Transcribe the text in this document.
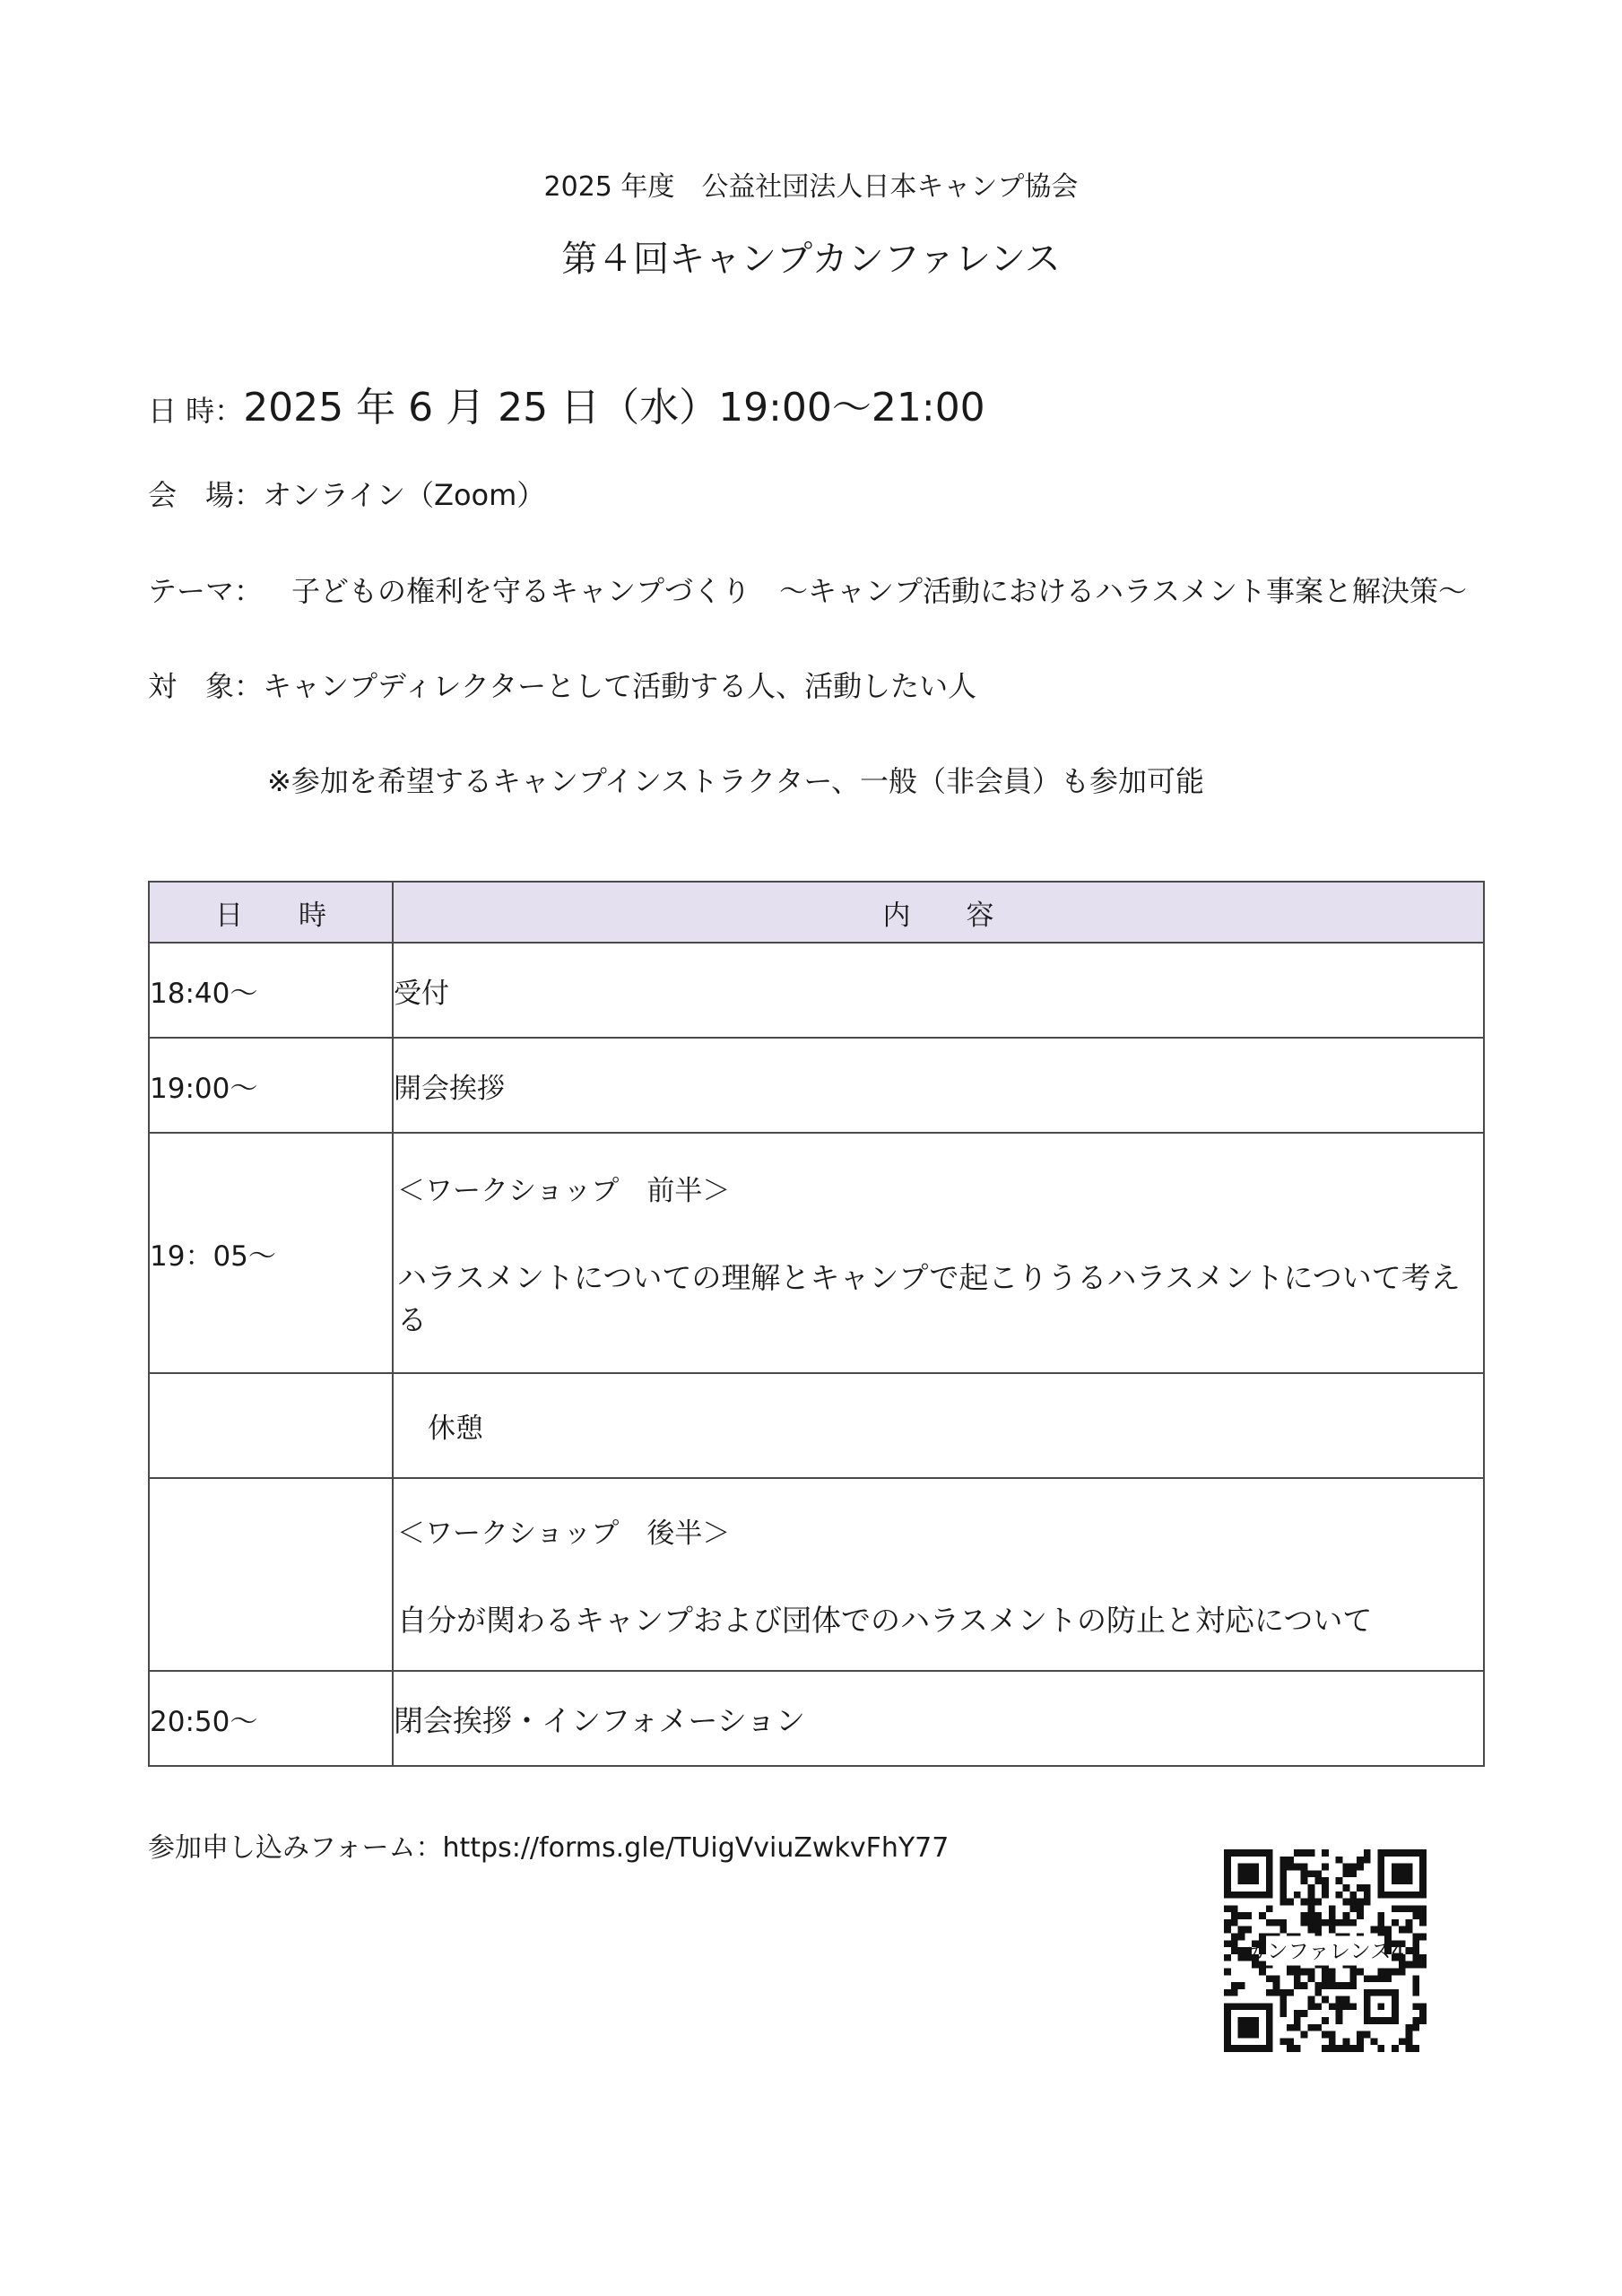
2025 年度　公益社団法人日本キャンプ協会
第４回キャンプカンファレンス
日 時：2025 年 6 月 25 日（水）19:00～21:00
会　場：オンライン（Zoom）
テーマ：  子どもの権利を守るキャンプづくり　～キャンプ活動におけるハラスメント事案と解決策～
対　象：キャンプディレクターとして活動する人、活動したい人
※参加を希望するキャンプインストラクター、一般（非会員）も参加可能
日　　時	内　　容
18:40～	受付
19:00～	開会挨拶
19：05～	＜ワークショップ　前半＞
ハラスメントについての理解とキャンプで起こりうるハラスメントについて考える

	休憩

	＜ワークショップ　後半＞
自分が関わるキャンプおよび団体でのハラスメントの防止と対応について

20:50～	閉会挨拶・インフォメーション
参加申し込みフォーム：https://forms.gle/TUigVviuZwkvFhY77
カンファレンス4
